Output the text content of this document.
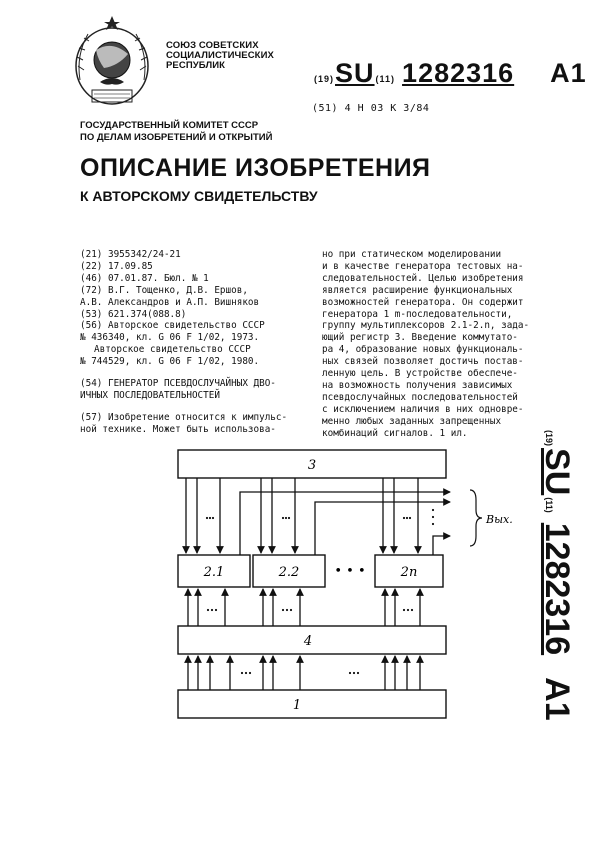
СОЮЗ СОВЕТСКИХ
СОЦИАЛИСТИЧЕСКИХ
РЕСПУБЛИК
(19) SU (11) 1282316 A1
(51) 4 H 03 K 3/84
ГОСУДАРСТВЕННЫЙ КОМИТЕТ СССР
ПО ДЕЛАМ ИЗОБРЕТЕНИЙ И ОТКРЫТИЙ
ОПИСАНИЕ ИЗОБРЕТЕНИЯ
К АВТОРСКОМУ СВИДЕТЕЛЬСТВУ
(21) 3955342/24-21
(22) 17.09.85
(46) 07.01.87. Бюл. № 1
(72) В.Г. Тощенко, Д.В. Ершов,
А.В. Александров и А.П. Вишняков
(53) 621.374(088.8)
(56) Авторское свидетельство СССР
№ 436340, кл. G 06 F 1/02, 1973.
Авторское свидетельство СССР
№ 744529, кл. G 06 F 1/02, 1980.
(54) ГЕНЕРАТОР ПСЕВДОСЛУЧАЙНЫХ ДВО-
ИЧНЫХ ПОСЛЕДОВАТЕЛЬНОСТЕЙ
(57) Изобретение относится к импульс-
ной технике. Может быть использова-
но при статическом моделировании
и в качестве генератора тестовых на-
следовательностей. Целью изобретения
является расширение функциональных
возможностей генератора. Он содержит
генератора 1 m-последовательности,
группу мультиплексоров 2.1-2.n, зада-
ющий регистр 3. Введение коммутато-
ра 4, образование новых функциональ-
ных связей позволяет достичь постав-
ленную цель. В устройстве обеспече-
на возможность получения зависимых
псевдослучайных последовательностей
с исключением наличия в них одновре-
менно любых заданных запрещенных
комбинаций сигналов. 1 ил.	(19)
SU
(11)
1282316
A1
3
2.1	2.2	• • •	2n
4
1
Вых.
